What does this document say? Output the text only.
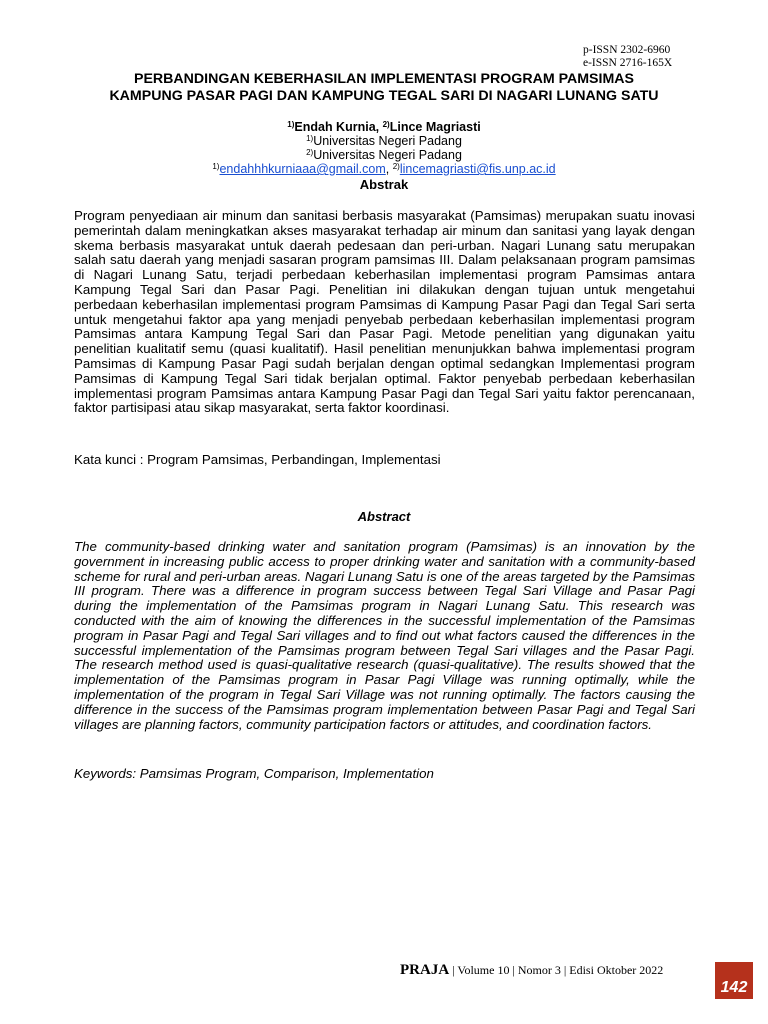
p-ISSN 2302-6960
e-ISSN 2716-165X
PERBANDINGAN KEBERHASILAN IMPLEMENTASI PROGRAM PAMSIMAS
KAMPUNG PASAR PAGI DAN KAMPUNG TEGAL SARI DI NAGARI LUNANG SATU
$^{1)}$Endah Kurnia, $^{2)}$Lince Magriasti
$^{1)}$Universitas Negeri Padang
$^{2)}$Universitas Negeri Padang
$^{1)}$endahhhkurniaaa@gmail.com, $^{2)}$lincemagriasti@fis.unp.ac.id
Abstrak
Program penyediaan air minum dan sanitasi berbasis masyarakat (Pamsimas) merupakan suatu inovasi pemerintah dalam meningkatkan akses masyarakat terhadap air minum dan sanitasi yang layak dengan skema berbasis masyarakat untuk daerah pedesaan dan peri-urban. Nagari Lunang satu merupakan salah satu daerah yang menjadi sasaran program pamsimas III. Dalam pelaksanaan program pamsimas di Nagari Lunang Satu, terjadi perbedaan keberhasilan implementasi program Pamsimas antara Kampung Tegal Sari dan Pasar Pagi. Penelitian ini dilakukan dengan tujuan untuk mengetahui perbedaan keberhasilan implementasi program Pamsimas di Kampung Pasar Pagi dan Tegal Sari serta untuk mengetahui faktor apa yang menjadi penyebab perbedaan keberhasilan implementasi program Pamsimas antara Kampung Tegal Sari dan Pasar Pagi. Metode penelitian yang digunakan yaitu penelitian kualitatif semu (quasi kualitatif). Hasil penelitian menunjukkan bahwa implementasi program Pamsimas di Kampung Pasar Pagi sudah berjalan dengan optimal sedangkan Implementasi program Pamsimas di Kampung Tegal Sari tidak berjalan optimal. Faktor penyebab perbedaan keberhasilan implementasi program Pamsimas antara Kampung Pasar Pagi dan Tegal Sari yaitu faktor perencanaan, faktor partisipasi atau sikap masyarakat, serta faktor koordinasi.
Kata kunci : Program Pamsimas, Perbandingan, Implementasi
Abstract
The community-based drinking water and sanitation program (Pamsimas) is an innovation by the government in increasing public access to proper drinking water and sanitation with a community-based scheme for rural and peri-urban areas. Nagari Lunang Satu is one of the areas targeted by the Pamsimas III program. There was a difference in program success between Tegal Sari Village and Pasar Pagi during the implementation of the Pamsimas program in Nagari Lunang Satu. This research was conducted with the aim of knowing the differences in the successful implementation of the Pamsimas program in Pasar Pagi and Tegal Sari villages and to find out what factors caused the differences in the successful implementation of the Pamsimas program between Tegal Sari villages and the Pasar Pagi. The research method used is quasi-qualitative research (quasi-qualitative). The results showed that the implementation of the Pamsimas program in Pasar Pagi Village was running optimally, while the implementation of the program in Tegal Sari Village was not running optimally. The factors causing the difference in the success of the Pamsimas program implementation between Pasar Pagi and Tegal Sari villages are planning factors, community participation factors or attitudes, and coordination factors.
Keywords: Pamsimas Program, Comparison, Implementation
PRAJA | Volume 10 | Nomor 3 | Edisi Oktober 2022
142
